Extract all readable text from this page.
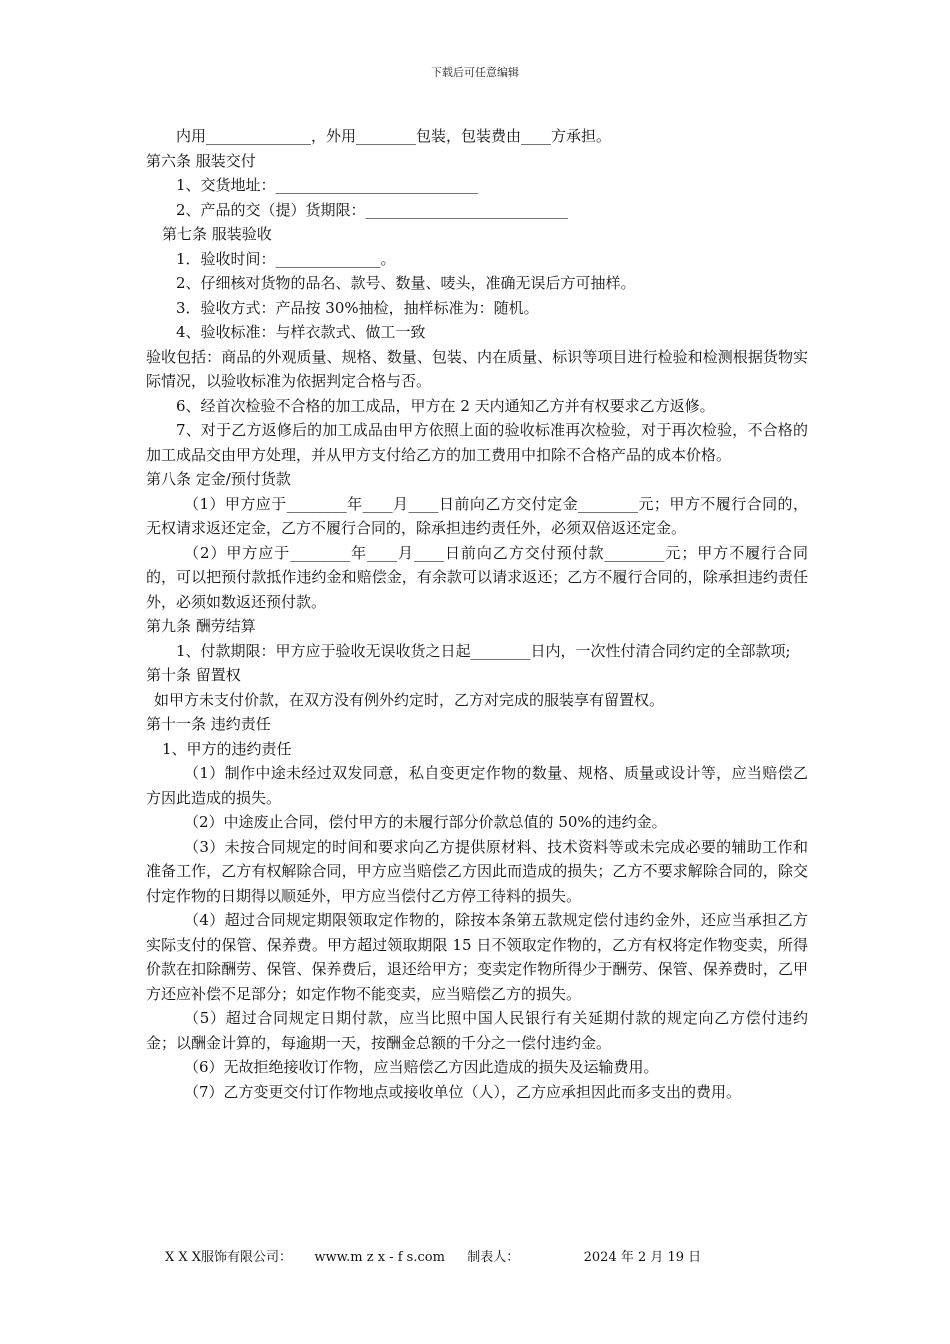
下载后可任意编辑

内用______________，外用________包装，包装费由____方承担。

第六条 服装交付

1、交货地址：___________________________

2、产品的交（提）货期限：___________________________

第七条 服装验收

1．验收时间：______________。

2、仔细核对货物的品名、款号、数量、唛头，准确无误后方可抽样。

3．验收方式：产品按 30%抽检，抽样标准为：随机。

4、验收标准：与样衣款式、做工一致

验收包括：商品的外观质量、规格、数量、包装、内在质量、标识等项目进行检验和检测根据货物实际情况，以验收标准为依据判定合格与否。

6、经首次检验不合格的加工成品，甲方在 2 天内通知乙方并有权要求乙方返修。

7、对于乙方返修后的加工成品由甲方依照上面的验收标准再次检验，对于再次检验，不合格的加工成品交由甲方处理，并从甲方支付给乙方的加工费用中扣除不合格产品的成本价格。

第八条 定金/预付货款

（1）甲方应于________年____月____日前向乙方交付定金________元；甲方不履行合同的，无权请求返还定金，乙方不履行合同的，除承担违约责任外，必须双倍返还定金。

（2）甲方应于________年____月____日前向乙方交付预付款________元；甲方不履行合同的，可以把预付款抵作违约金和赔偿金，有余款可以请求返还；乙方不履行合同的，除承担违约责任外，必须如数返还预付款。

第九条 酬劳结算

1、付款期限：甲方应于验收无误收货之日起________日内，一次性付清合同约定的全部款项;

第十条 留置权

如甲方未支付价款，在双方没有例外约定时，乙方对完成的服装享有留置权。

第十一条 违约责任

1、甲方的违约责任

（1）制作中途未经过双发同意，私自变更定作物的数量、规格、质量或设计等，应当赔偿乙方因此造成的损失。

（2）中途废止合同，偿付甲方的未履行部分价款总值的 50%的违约金。

（3）未按合同规定的时间和要求向乙方提供原材料、技术资料等或未完成必要的辅助工作和准备工作，乙方有权解除合同，甲方应当赔偿乙方因此而造成的损失；乙方不要求解除合同的，除交付定作物的日期得以顺延外，甲方应当偿付乙方停工待料的损失。

（4）超过合同规定期限领取定作物的，除按本条第五款规定偿付违约金外，还应当承担乙方实际支付的保管、保养费。甲方超过领取期限 15 日不领取定作物的，乙方有权将定作物变卖，所得价款在扣除酬劳、保管、保养费后，退还给甲方；变卖定作物所得少于酬劳、保管、保养费时，乙甲方还应补偿不足部分；如定作物不能变卖，应当赔偿乙方的损失。

（5）超过合同规定日期付款，应当比照中国人民银行有关延期付款的规定向乙方偿付违约金；以酬金计算的，每逾期一天，按酬金总额的千分之一偿付违约金。

（6）无故拒绝接收订作物，应当赔偿乙方因此造成的损失及运输费用。

（7）乙方变更交付订作物地点或接收单位（人），乙方应承担因此而多支出的费用。

X X X服饰有限公司： www.m z x - f s.com 制表人：	2024 年 2 月 19 日
